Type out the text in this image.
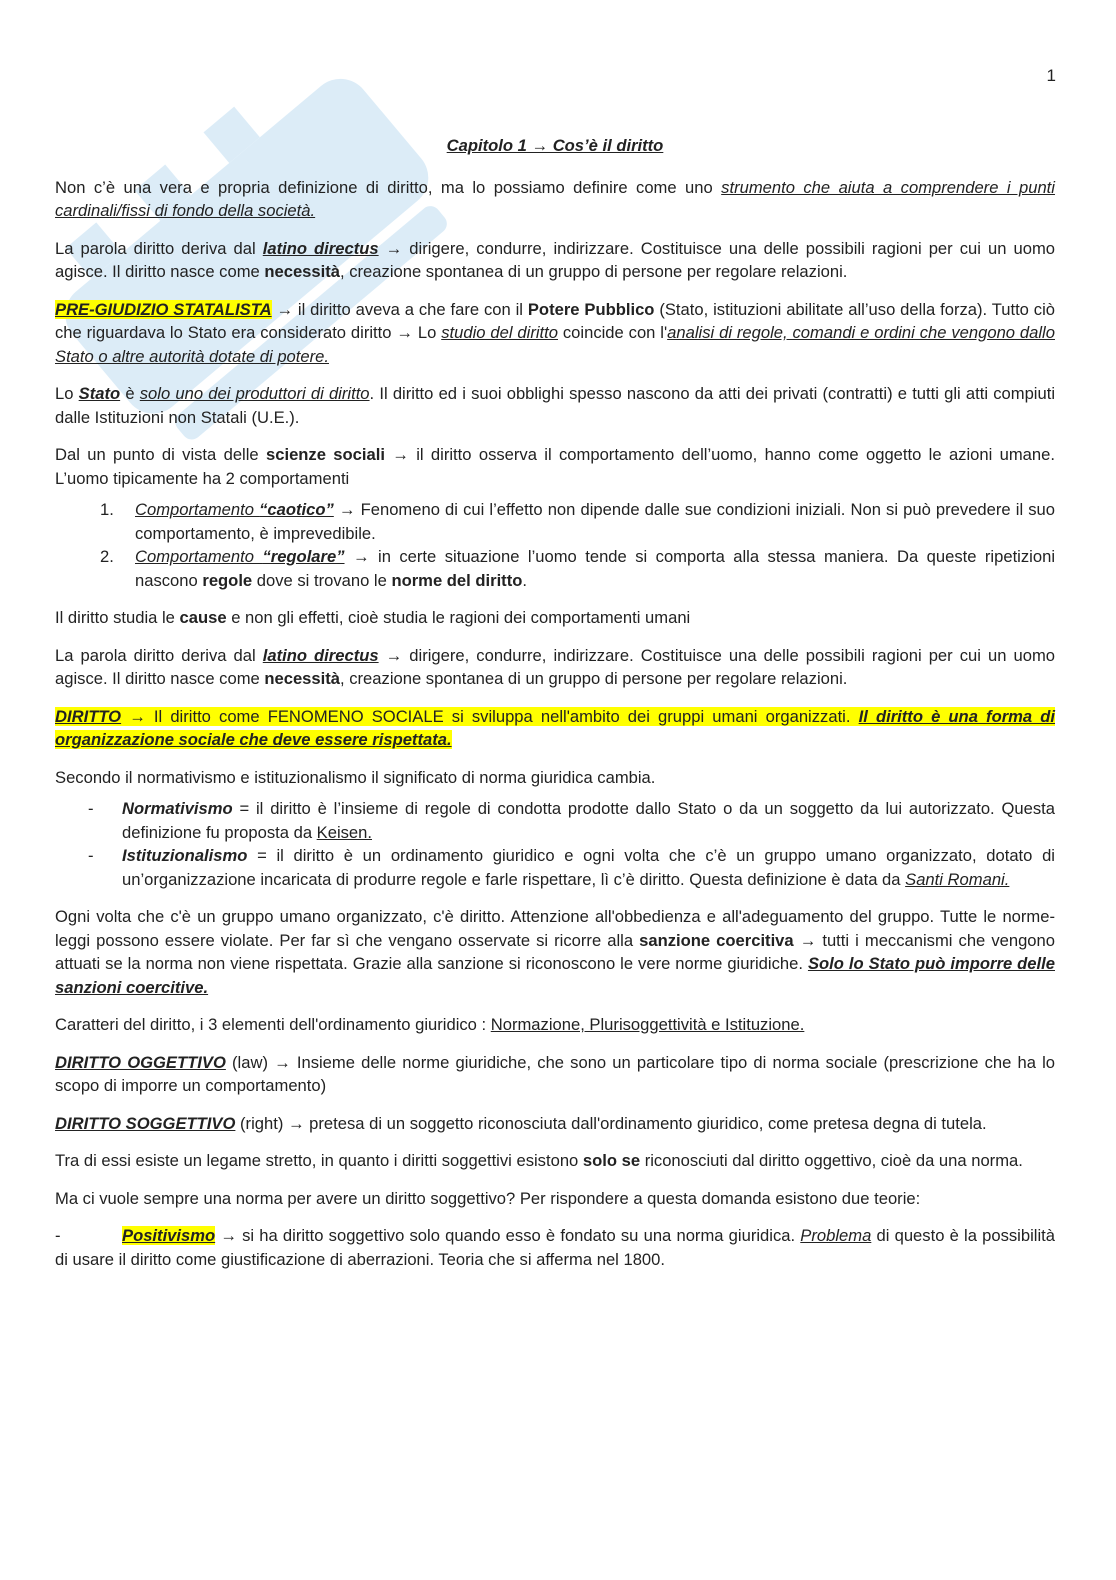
1

Capitolo 1 → Cos’è il diritto

Non c’è una vera e propria definizione di diritto, ma lo possiamo definire come uno strumento che aiuta a comprendere i punti cardinali/fissi di fondo della società.

La parola diritto deriva dal latino directus → dirigere, condurre, indirizzare. Costituisce una delle possibili ragioni per cui un uomo agisce. Il diritto nasce come necessità, creazione spontanea di un gruppo di persone per regolare relazioni.

PRE-GIUDIZIO STATALISTA → il diritto aveva a che fare con il Potere Pubblico (Stato, istituzioni abilitate all’uso della forza). Tutto ciò che riguardava lo Stato era considerato diritto → Lo studio del diritto coincide con l'analisi di regole, comandi e ordini che vengono dallo Stato o altre autorità dotate di potere.

Lo Stato è solo uno dei produttori di diritto. Il diritto ed i suoi obblighi spesso nascono da atti dei privati (contratti) e tutti gli atti compiuti dalle Istituzioni non Statali (U.E.).

Dal un punto di vista delle scienze sociali → il diritto osserva il comportamento dell’uomo, hanno come oggetto le azioni umane. L’uomo tipicamente ha 2 comportamenti

1. Comportamento “caotico” → Fenomeno di cui l’effetto non dipende dalle sue condizioni iniziali. Non si può prevedere il suo comportamento, è imprevedibile.
2. Comportamento “regolare” → in certe situazione l’uomo tende si comporta alla stessa maniera. Da queste ripetizioni nascono regole dove si trovano le norme del diritto.

Il diritto studia le cause e non gli effetti, cioè studia le ragioni dei comportamenti umani

La parola diritto deriva dal latino directus → dirigere, condurre, indirizzare. Costituisce una delle possibili ragioni per cui un uomo agisce. Il diritto nasce come necessità, creazione spontanea di un gruppo di persone per regolare relazioni.

DIRITTO → Il diritto come FENOMENO SOCIALE si sviluppa nell'ambito dei gruppi umani organizzati. Il diritto è una forma di organizzazione sociale che deve essere rispettata.

Secondo il normativismo e istituzionalismo il significato di norma giuridica cambia.

- Normativismo = il diritto è l’insieme di regole di condotta prodotte dallo Stato o da un soggetto da lui autorizzato. Questa definizione fu proposta da Keisen.
- Istituzionalismo = il diritto è un ordinamento giuridico e ogni volta che c’è un gruppo umano organizzato, dotato di un’organizzazione incaricata di produrre regole e farle rispettare, lì c’è diritto. Questa definizione è data da Santi Romani.

Ogni volta che c'è un gruppo umano organizzato, c'è diritto. Attenzione all'obbedienza e all'adeguamento del gruppo. Tutte le norme-leggi possono essere violate. Per far sì che vengano osservate si ricorre alla sanzione coercitiva → tutti i meccanismi che vengono attuati se la norma non viene rispettata. Grazie alla sanzione si riconoscono le vere norme giuridiche. Solo lo Stato può imporre delle sanzioni coercitive.

Caratteri del diritto, i 3 elementi dell'ordinamento giuridico : Normazione, Plurisoggettività e Istituzione.

DIRITTO OGGETTIVO (law) → Insieme delle norme giuridiche, che sono un particolare tipo di norma sociale (prescrizione che ha lo scopo di imporre un comportamento)

DIRITTO SOGGETTIVO (right) → pretesa di un soggetto riconosciuta dall'ordinamento giuridico, come pretesa degna di tutela.

Tra di essi esiste un legame stretto, in quanto i diritti soggettivi esistono solo se riconosciuti dal diritto oggettivo, cioè da una norma.

Ma ci vuole sempre una norma per avere un diritto soggettivo? Per rispondere a questa domanda esistono due teorie:

-	Positivismo → si ha diritto soggettivo solo quando esso è fondato su una norma giuridica. Problema di questo è la possibilità di usare il diritto come giustificazione di aberrazioni. Teoria che si afferma nel 1800.
